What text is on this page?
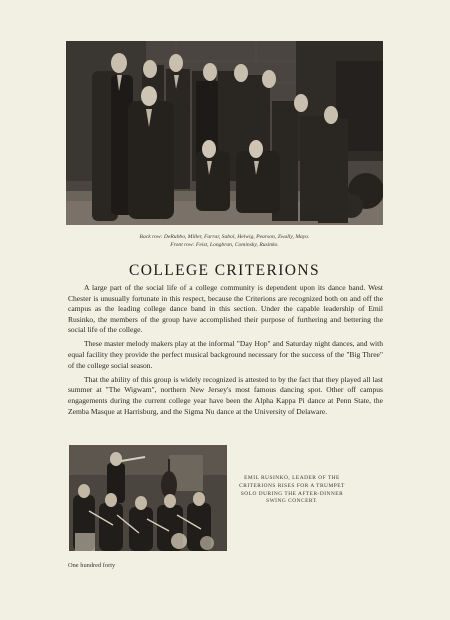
Back row: DeRubbo, Miller, Farrar, Sabol, Helwig, Pearson, Zwally, Mayo.
Front row: Feist, Longbran, Cominsky, Rusinko.
COLLEGE CRITERIONS

A large part of the social life of a college community is dependent upon its dance band. West Chester is unusually fortunate in this respect, because the Criterions are recognized both on and off the campus as the leading college dance band in this section. Under the capable leadership of Emil Rusinko, the members of the group have accomplished their purpose of furthering and bettering the social life of the college.

These master melody makers play at the informal "Day Hop" and Saturday night dances, and with equal facility they provide the perfect musical background necessary for the success of the "Big Three" of the college social season.

That the ability of this group is widely recognized is attested to by the fact that they played all last summer at "The Wigwam", northern New Jersey's most famous dancing spot. Other off campus engagements during the current college year have been the Alpha Kappa Pi dance at Penn State, the Zemba Masque at Harrisburg, and the Sigma Nu dance at the University of Delaware.

EMIL RUSINKO, LEADER OF THE CRITERIONS RISES FOR A TRUMPET SOLO DURING THE AFTER-DINNER SWING CONCERT.
One hundred forty
